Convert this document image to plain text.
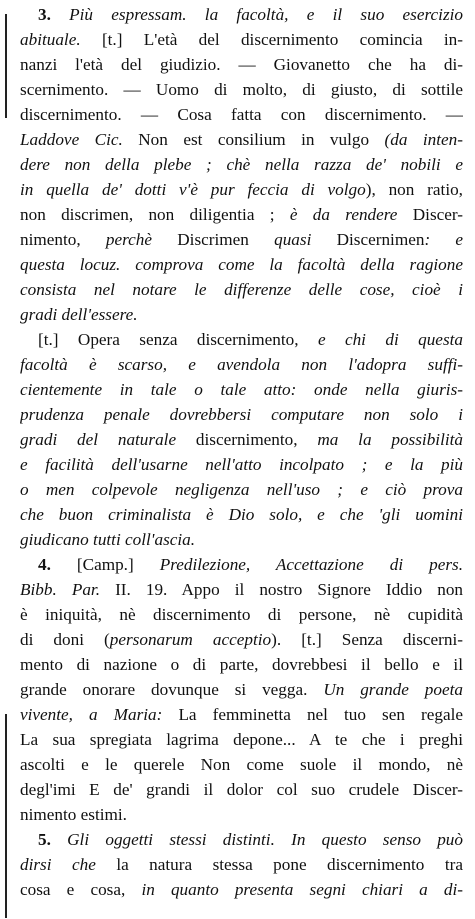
3. Più espressam. la facoltà, e il suo esercizio
abituale. [t.] L'età del discernimento comincia in-
nanzi l'età del giudizio. — Giovanetto che ha di-
scernimento. — Uomo di molto, di giusto, di sottile
discernimento. — Cosa fatta con discernimento. —
Laddove Cic. Non est consilium in vulgo (da inten-
dere non della plebe ; chè nella razza de' nobili e
in quella de' dotti v'è pur feccia di volgo), non ratio,
non discrimen, non diligentia ; è da rendere Discer-
nimento, perchè Discrimen quasi Discernimen: e
questa locuz. comprova come la facoltà della ragione
consista nel notare le differenze delle cose, cioè i
gradi dell'essere.
[t.] Opera senza discernimento, e chi di questa
facoltà è scarso, e avendola non l'adopra suffi-
cientemente in tale o tale atto: onde nella giuris-
prudenza penale dovrebbersi computare non solo i
gradi del naturale discernimento, ma la possibilità
e facilità dell'usarne nell'atto incolpato ; e la più
o men colpevole negligenza nell'uso ; e ciò prova
che buon criminalista è Dio solo, e che 'gli uomini
giudicano tutti coll'ascia.
4. [Camp.] Predilezione, Accettazione di pers.
Bibb. Par. II. 19. Appo il nostro Signore Iddio non
è iniquità, nè discernimento di persone, nè cupidità
di doni (personarum acceptio). [t.] Senza discerni-
mento di nazione o di parte, dovrebbesi il bello e il
grande onorare dovunque si vegga. Un grande poeta
vivente, a Maria: La femminetta nel tuo sen regale
La sua spregiata lagrima depone... A te che i preghi
ascolti e le querele Non come suole il mondo, nè
degl'imi E de' grandi il dolor col suo crudele Discer-
nimento estimi.
5. Gli oggetti stessi distinti. In questo senso può
dirsi che la natura stessa pone discernimento tra
cosa e cosa, in quanto presenta segni chiari a di-
